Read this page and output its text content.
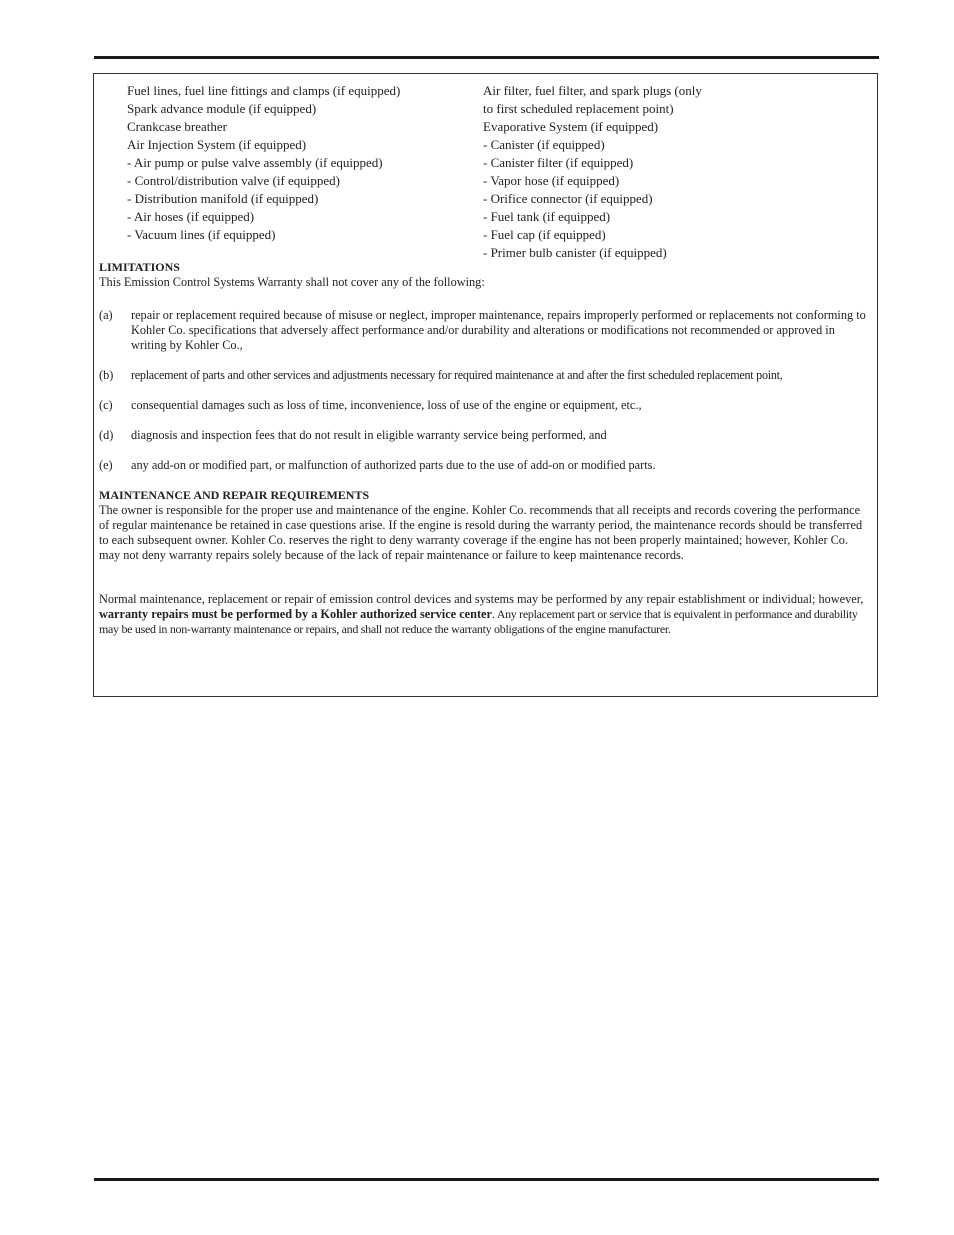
Fuel lines, fuel line fittings and clamps (if equipped)
Spark advance module (if equipped)
Crankcase breather
Air Injection System (if equipped)
- Air pump or pulse valve assembly (if equipped)
- Control/distribution valve (if equipped)
- Distribution manifold (if equipped)
- Air hoses (if equipped)
- Vacuum lines (if equipped)
Air filter, fuel filter, and spark plugs (only
to first scheduled replacement point)
Evaporative System (if equipped)
- Canister (if equipped)
- Canister filter (if equipped)
- Vapor hose (if equipped)
- Orifice connector (if equipped)
- Fuel tank (if equipped)
- Fuel cap (if equipped)
- Primer bulb canister (if equipped)
LIMITATIONS
This Emission Control Systems Warranty shall not cover any of the following:
(a)	repair or replacement required because of misuse or neglect, improper maintenance, repairs improperly performed or replacements not conforming to Kohler Co. specifications that adversely affect performance and/or durability and alterations or modifications not recommended or approved in writing by Kohler Co.,
(b)	replacement of parts and other services and adjustments necessary for required maintenance at and after the first scheduled replacement point,
(c)	consequential damages such as loss of time, inconvenience, loss of use of the engine or equipment, etc.,
(d)	diagnosis and inspection fees that do not result in eligible warranty service being performed, and
(e)	any add-on or modified part, or malfunction of authorized parts due to the use of add-on or modified parts.
MAINTENANCE AND REPAIR REQUIREMENTS
The owner is responsible for the proper use and maintenance of the engine. Kohler Co. recommends that all receipts and records covering the performance of regular maintenance be retained in case questions arise. If the engine is resold during the warranty period, the maintenance records should be transferred to each subsequent owner. Kohler Co. reserves the right to deny warranty coverage if the engine has not been properly maintained; however, Kohler Co. may not deny warranty repairs solely because of the lack of repair maintenance or failure to keep maintenance records.
Normal maintenance, replacement or repair of emission control devices and systems may be performed by any repair establishment or individual; however, warranty repairs must be performed by a Kohler authorized service center. Any replacement part or service that is equivalent in performance and durability may be used in non-warranty maintenance or repairs, and shall not reduce the warranty obligations of the engine manufacturer.
